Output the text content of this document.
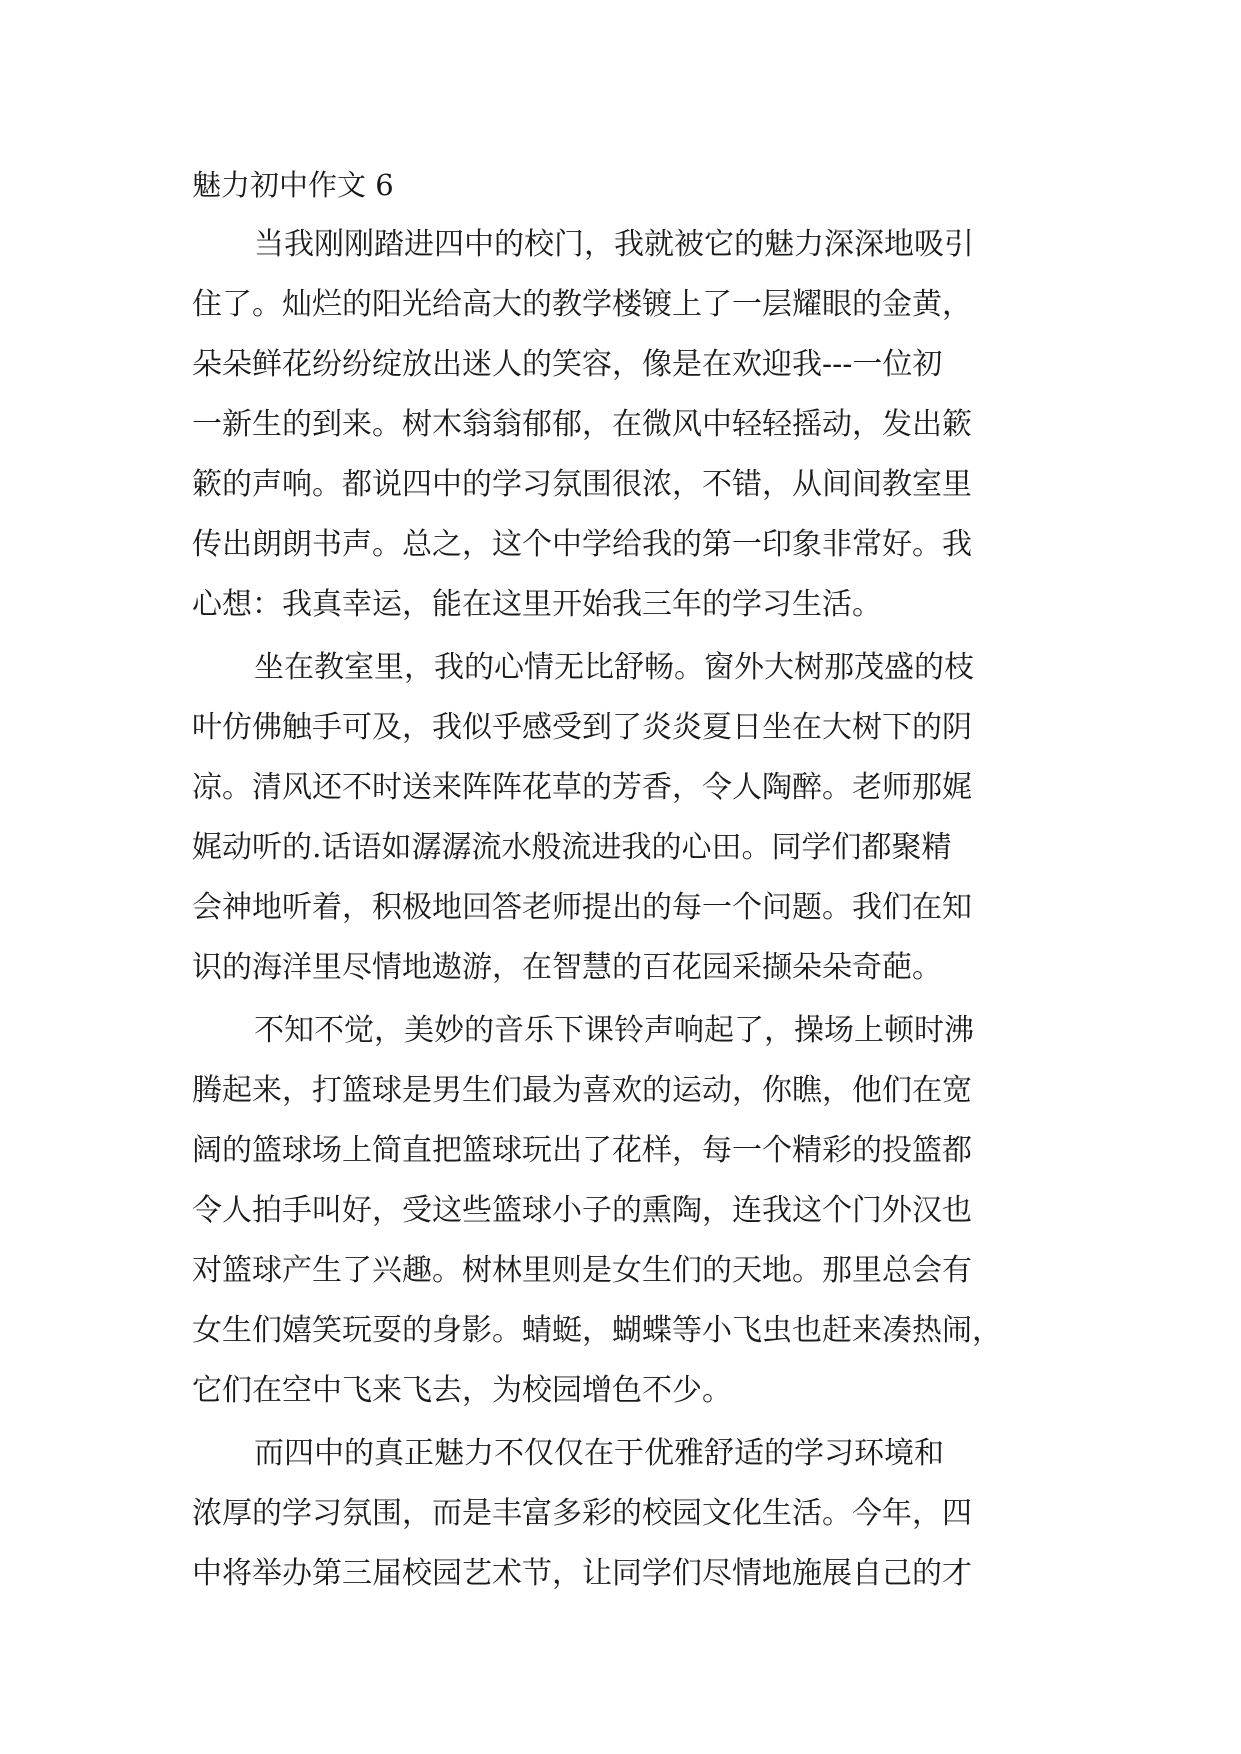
魅力初中作文 6
当我刚刚踏进四中的校门，我就被它的魅力深深地吸引
住了。灿烂的阳光给高大的教学楼镀上了一层耀眼的金黄，
朵朵鲜花纷纷绽放出迷人的笑容，像是在欢迎我---一位初
一新生的到来。树木翁翁郁郁，在微风中轻轻摇动，发出簌
簌的声响。都说四中的学习氛围很浓，不错，从间间教室里
传出朗朗书声。总之，这个中学给我的第一印象非常好。我
心想：我真幸运，能在这里开始我三年的学习生活。
坐在教室里，我的心情无比舒畅。窗外大树那茂盛的枝
叶仿佛触手可及，我似乎感受到了炎炎夏日坐在大树下的阴
凉。清风还不时送来阵阵花草的芳香，令人陶醉。老师那娓
娓动听的.话语如潺潺流水般流进我的心田。同学们都聚精
会神地听着，积极地回答老师提出的每一个问题。我们在知
识的海洋里尽情地遨游，在智慧的百花园采撷朵朵奇葩。
不知不觉，美妙的音乐下课铃声响起了，操场上顿时沸
腾起来，打篮球是男生们最为喜欢的运动，你瞧，他们在宽
阔的篮球场上简直把篮球玩出了花样，每一个精彩的投篮都
令人拍手叫好，受这些篮球小子的熏陶，连我这个门外汉也
对篮球产生了兴趣。树林里则是女生们的天地。那里总会有
女生们嬉笑玩耍的身影。蜻蜓，蝴蝶等小飞虫也赶来凑热闹，
它们在空中飞来飞去，为校园增色不少。
而四中的真正魅力不仅仅在于优雅舒适的学习环境和
浓厚的学习氛围，而是丰富多彩的校园文化生活。今年，四
中将举办第三届校园艺术节，让同学们尽情地施展自己的才
